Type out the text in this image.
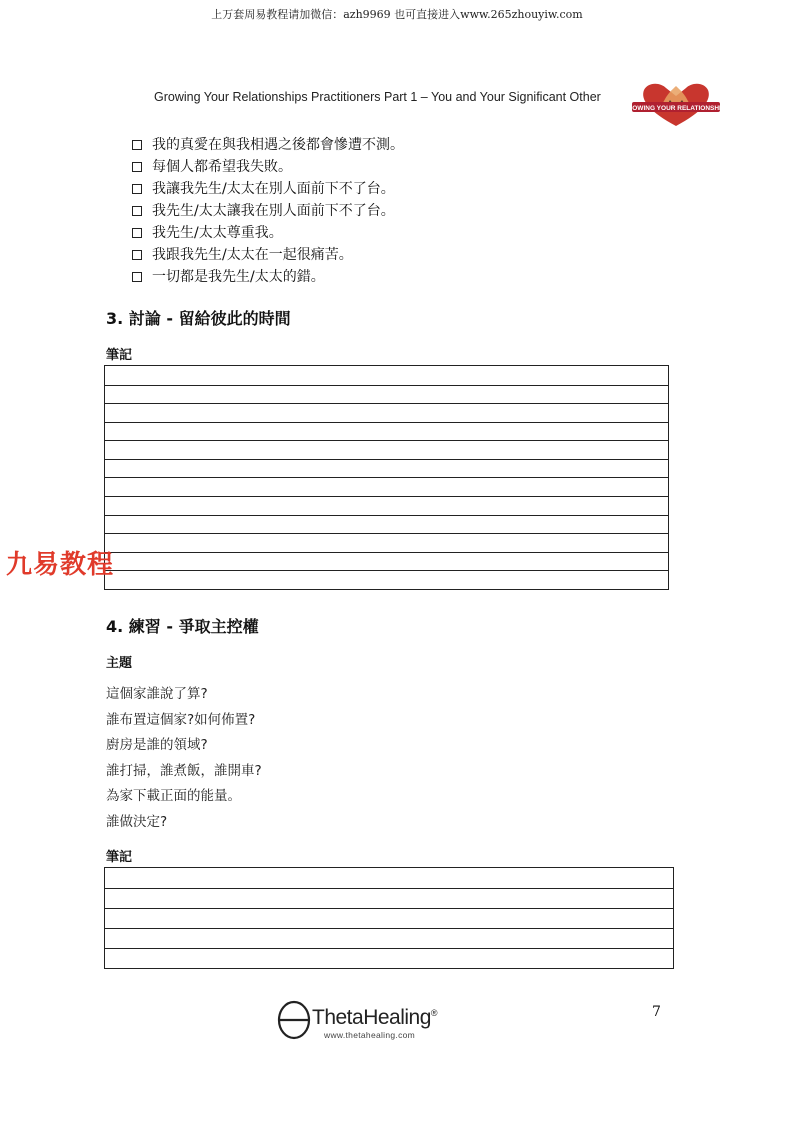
上万套周易教程请加微信：azh9969 也可直接进入www.265zhouyiw.com
Growing Your Relationships Practitioners Part 1 – You and Your Significant Other
GROWING YOUR RELATIONSHIPS
我的真愛在與我相遇之後都會慘遭不測。
每個人都希望我失敗。
我讓我先生/太太在別人面前下不了台。
我先生/太太讓我在別人面前下不了台。
我先生/太太尊重我。
我跟我先生/太太在一起很痛苦。
一切都是我先生/太太的錯。
3. 討論 - 留給彼此的時間
筆記
九易教程
4. 練習 - 爭取主控權
主題
這個家誰說了算?
誰布置這個家?如何佈置?
廚房是誰的領域?
誰打掃，誰煮飯，誰開車?
為家下載正面的能量。
誰做決定?
筆記
ThetaHealing®
www.thetahealing.com
7
